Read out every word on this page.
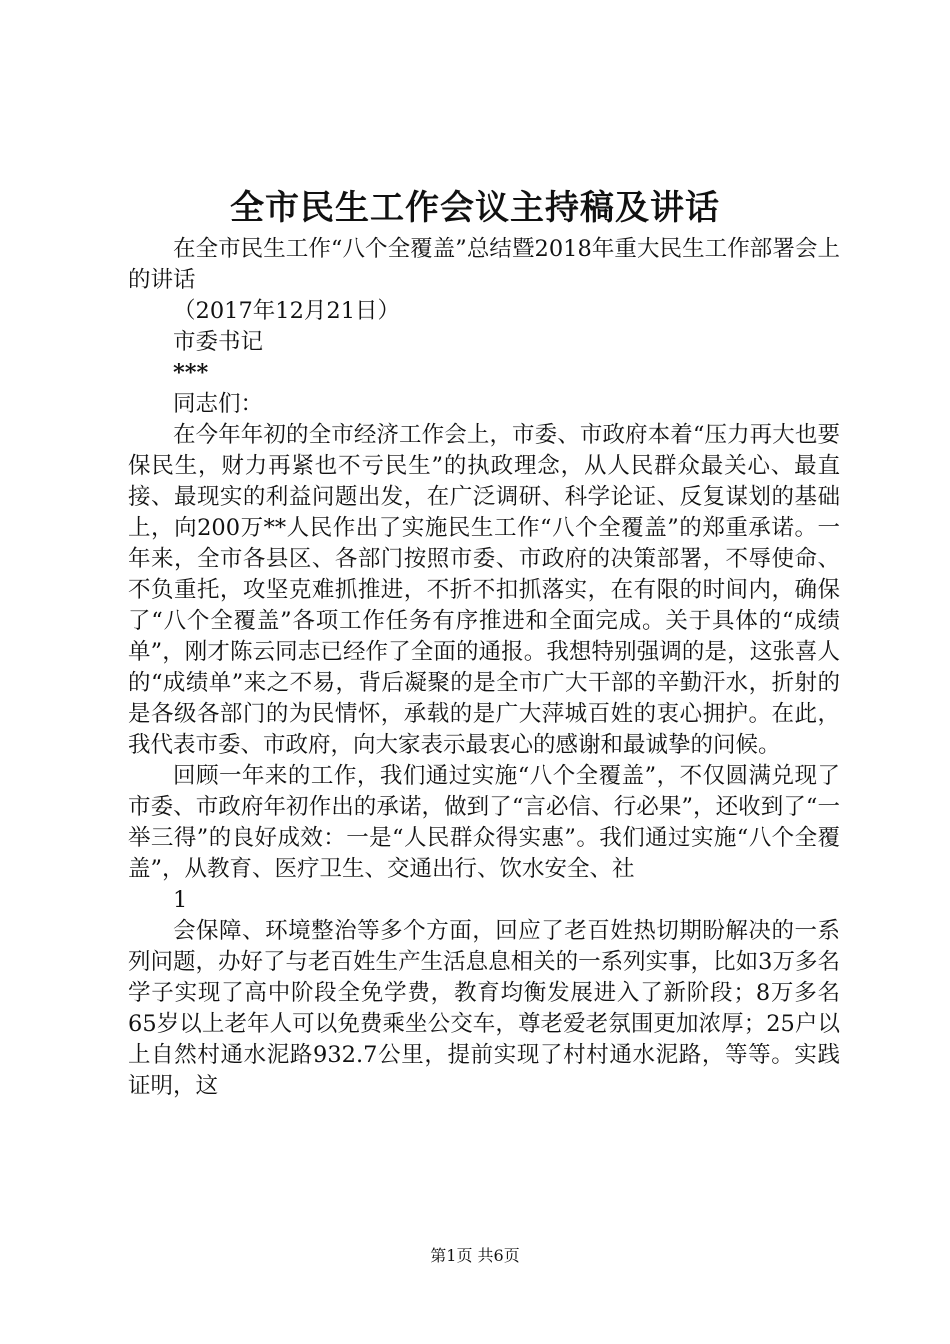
全市民生工作会议主持稿及讲话

在全市民生工作“八个全覆盖”总结暨2018年重大民生工作部署会上的讲话

（2017年12月21日）

市委书记

***

同志们：

在今年年初的全市经济工作会上，市委、市政府本着“压力再大也要保民生，财力再紧也不亏民生”的执政理念，从人民群众最关心、最直接、最现实的利益问题出发，在广泛调研、科学论证、反复谋划的基础上，向200万**人民作出了实施民生工作“八个全覆盖”的郑重承诺。一年来，全市各县区、各部门按照市委、市政府的决策部署，不辱使命、不负重托，攻坚克难抓推进，不折不扣抓落实，在有限的时间内，确保了“八个全覆盖”各项工作任务有序推进和全面完成。关于具体的“成绩单”，刚才陈云同志已经作了全面的通报。我想特别强调的是，这张喜人的“成绩单”来之不易，背后凝聚的是全市广大干部的辛勤汗水，折射的是各级各部门的为民情怀，承载的是广大萍城百姓的衷心拥护。在此，我代表市委、市政府，向大家表示最衷心的感谢和最诚挚的问候。

回顾一年来的工作，我们通过实施“八个全覆盖”，不仅圆满兑现了市委、市政府年初作出的承诺，做到了“言必信、行必果”，还收到了“一举三得”的良好成效：一是“人民群众得实惠”。我们通过实施“八个全覆盖”，从教育、医疗卫生、交通出行、饮水安全、社

1

会保障、环境整治等多个方面，回应了老百姓热切期盼解决的一系列问题，办好了与老百姓生产生活息息相关的一系列实事，比如3万多名学子实现了高中阶段全免学费，教育均衡发展进入了新阶段；8万多名65岁以上老年人可以免费乘坐公交车，尊老爱老氛围更加浓厚；25户以上自然村通水泥路932.7公里，提前实现了村村通水泥路，等等。实践证明，这

第1页 共6页
